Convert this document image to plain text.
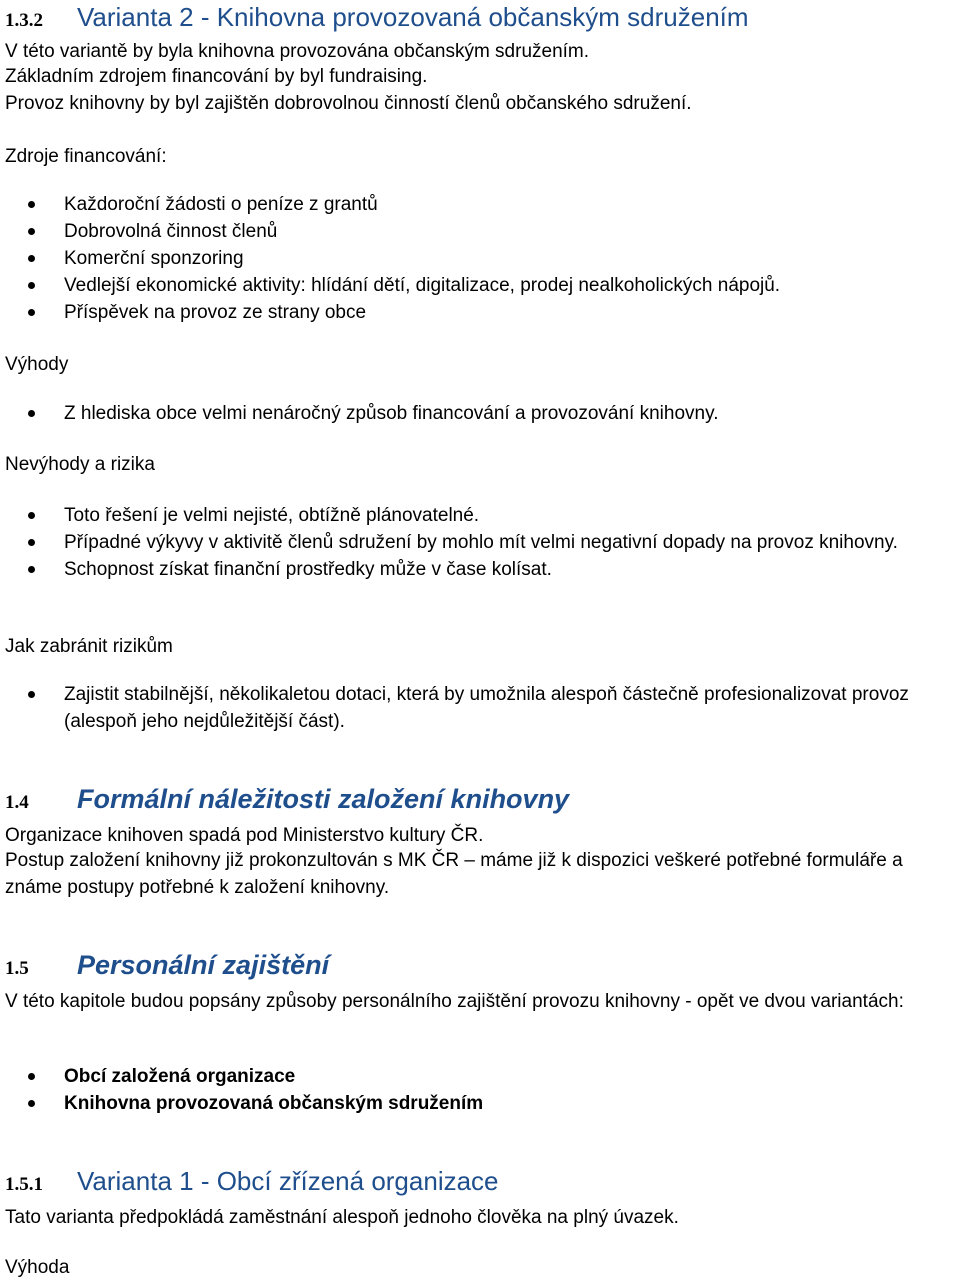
1.3.2	Varianta 2 - Knihovna provozovaná občanským sdružením

V této variantě by byla knihovna provozována občanským sdružením.

Základním zdrojem financování by byl fundraising.

Provoz knihovny by byl zajištěn dobrovolnou činností členů občanského sdružení.

Zdroje financování:
Každoroční žádosti o peníze z grantů
Dobrovolná činnost členů
Komerční sponzoring
Vedlejší ekonomické aktivity: hlídání dětí, digitalizace, prodej nealkoholických nápojů.
Příspěvek na provoz ze strany obce
Výhody
Z hlediska obce velmi nenáročný způsob financování a provozování knihovny.
Nevýhody a rizika
Toto řešení je velmi nejisté, obtížně plánovatelné.
Případné výkyvy v aktivitě členů sdružení by mohlo mít velmi negativní dopady na provoz knihovny.
Schopnost získat finanční prostředky může v čase kolísat.
Jak zabránit rizikům
Zajistit stabilnější, několikaletou dotaci, která by umožnila alespoň částečně profesionalizovat provoz (alespoň jeho nejdůležitější část).
1.4	Formální náležitosti založení knihovny

Organizace knihoven spadá pod Ministerstvo kultury ČR.

Postup založení knihovny již prokonzultován s MK ČR – máme již k dispozici veškeré potřebné formuláře a známe postupy potřebné k založení knihovny.

1.5	Personální zajištění

V této kapitole budou popsány způsoby personálního zajištění provozu knihovny - opět ve dvou variantách:

Obcí založená organizace
Knihovna provozovaná občanským sdružením
1.5.1	Varianta 1 - Obcí zřízená organizace

Tato varianta předpokládá zaměstnání alespoň jednoho člověka na plný úvazek.

Výhoda
